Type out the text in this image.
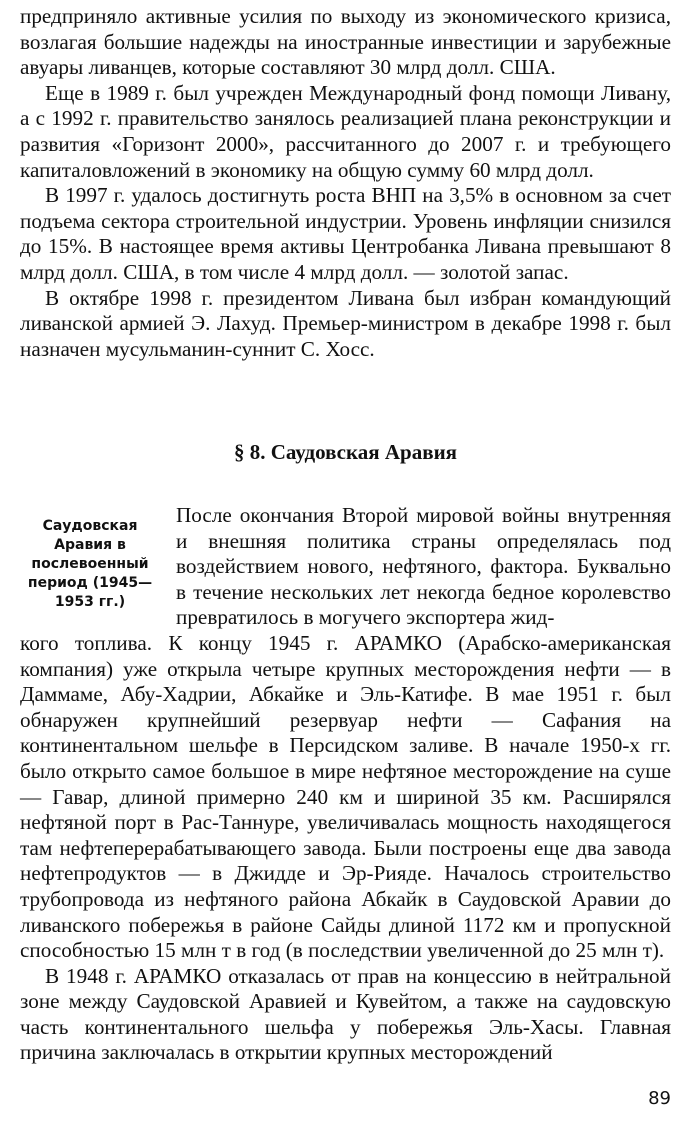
предприняло активные усилия по выходу из экономического кризиса, возлагая большие надежды на иностранные инвестиции и зарубежные авуары ливанцев, которые составляют 30 млрд долл. США.

Еще в 1989 г. был учрежден Международный фонд помощи Ливану, а с 1992 г. правительство занялось реализацией плана реконструкции и развития «Горизонт 2000», рассчитанного до 2007 г. и требующего капиталовложений в экономику на общую сумму 60 млрд долл.

В 1997 г. удалось достигнуть роста ВНП на 3,5% в основном за счет подъема сектора строительной индустрии. Уровень инфляции снизился до 15%. В настоящее время активы Центробанка Ливана превышают 8 млрд долл. США, в том числе 4 млрд долл. — золотой запас.

В октябре 1998 г. президентом Ливана был избран командующий ливанской армией Э. Лахуд. Премьер-министром в декабре 1998 г. был назначен мусульманин-суннит С. Хосс.

§ 8. Саудовская Аравия
Саудовская Аравия в послевоенный период (1945—1953 гг.)

После окончания Второй мировой войны внутренняя и внешняя политика страны определялась под воздействием нового, нефтяного, фактора. Буквально в течение нескольких лет некогда бедное королевство превратилось в могучего экспортера жид-

кого топлива. К концу 1945 г. АРАМКО (Арабско-американская компания) уже открыла четыре крупных месторождения нефти — в Даммаме, Абу-Хадрии, Абкайке и Эль-Катифе. В мае 1951 г. был обнаружен крупнейший резервуар нефти — Сафания на континентальном шельфе в Персидском заливе. В начале 1950-х гг. было открыто самое большое в мире нефтяное месторождение на суше — Гавар, длиной примерно 240 км и шириной 35 км. Расширялся нефтяной порт в Рас-Таннуре, увеличивалась мощность находящегося там нефтеперерабатывающего завода. Были построены еще два завода нефтепродуктов — в Джидде и Эр-Рияде. Началось строительство трубопровода из нефтяного района Абкайк в Саудовской Аравии до ливанского побережья в районе Сайды длиной 1172 км и пропускной способностью 15 млн т в год (в последствии увеличенной до 25 млн т).

В 1948 г. АРАМКО отказалась от прав на концессию в нейтральной зоне между Саудовской Аравией и Кувейтом, а также на саудовскую часть континентального шельфа у побережья Эль-Хасы. Главная причина заключалась в открытии крупных месторождений

89
